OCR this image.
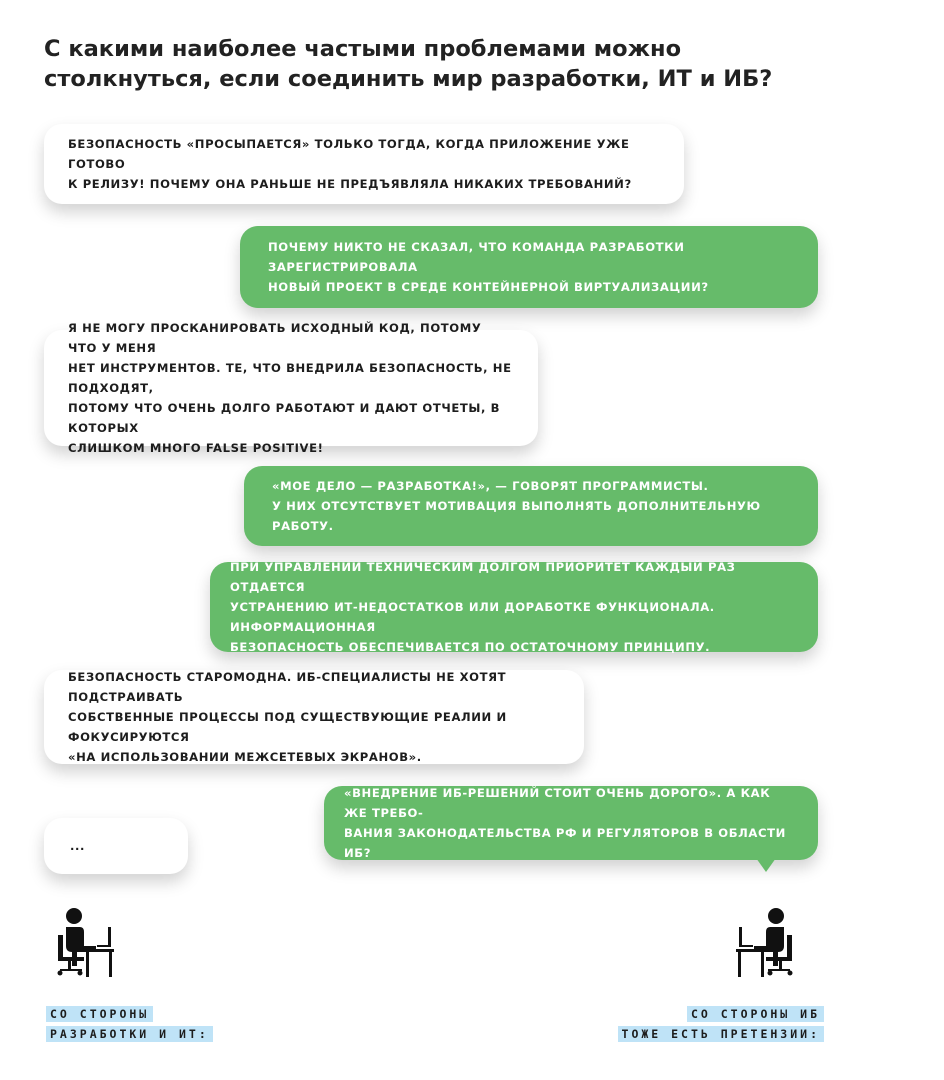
С какими наиболее частыми проблемами можно столкнуться, если соединить мир разработки, ИТ и ИБ?
БЕЗОПАСНОСТЬ «ПРОСЫПАЕТСЯ» ТОЛЬКО ТОГДА, КОГДА ПРИЛОЖЕНИЕ УЖЕ ГОТОВО
К РЕЛИЗУ! ПОЧЕМУ ОНА РАНЬШЕ НЕ ПРЕДЪЯВЛЯЛА НИКАКИХ ТРЕБОВАНИЙ?
ПОЧЕМУ НИКТО НЕ СКАЗАЛ, ЧТО КОМАНДА РАЗРАБОТКИ ЗАРЕГИСТРИРОВАЛА
НОВЫЙ ПРОЕКТ В СРЕДЕ КОНТЕЙНЕРНОЙ ВИРТУАЛИЗАЦИИ?
Я НЕ МОГУ ПРОСКАНИРОВАТЬ ИСХОДНЫЙ КОД, ПОТОМУ ЧТО У МЕНЯ
НЕТ ИНСТРУМЕНТОВ. ТЕ, ЧТО ВНЕДРИЛА БЕЗОПАСНОСТЬ, НЕ ПОДХОДЯТ,
ПОТОМУ ЧТО ОЧЕНЬ ДОЛГО РАБОТАЮТ И ДАЮТ ОТЧЕТЫ, В КОТОРЫХ
СЛИШКОМ МНОГО FALSE POSITIVE!
«МОЕ ДЕЛО — РАЗРАБОТКА!», — ГОВОРЯТ ПРОГРАММИСТЫ.
У НИХ ОТСУТСТВУЕТ МОТИВАЦИЯ ВЫПОЛНЯТЬ ДОПОЛНИТЕЛЬНУЮ РАБОТУ.
ПРИ УПРАВЛЕНИИ ТЕХНИЧЕСКИМ ДОЛГОМ ПРИОРИТЕТ КАЖДЫЙ РАЗ ОТДАЕТСЯ
УСТРАНЕНИЮ ИТ-НЕДОСТАТКОВ ИЛИ ДОРАБОТКЕ ФУНКЦИОНАЛА. ИНФОРМАЦИОННАЯ
БЕЗОПАСНОСТЬ ОБЕСПЕЧИВАЕТСЯ ПО ОСТАТОЧНОМУ ПРИНЦИПУ.
БЕЗОПАСНОСТЬ СТАРОМОДНА. ИБ-СПЕЦИАЛИСТЫ НЕ ХОТЯТ ПОДСТРАИВАТЬ
СОБСТВЕННЫЕ ПРОЦЕССЫ ПОД СУЩЕСТВУЮЩИЕ РЕАЛИИ И ФОКУСИРУЮТСЯ
«НА ИСПОЛЬЗОВАНИИ МЕЖСЕТЕВЫХ ЭКРАНОВ».
«ВНЕДРЕНИЕ ИБ-РЕШЕНИЙ СТОИТ ОЧЕНЬ ДОРОГО». А КАК ЖЕ ТРЕБО-
ВАНИЯ ЗАКОНОДАТЕЛЬСТВА РФ И РЕГУЛЯТОРОВ В ОБЛАСТИ ИБ?
...
СО СТОРОНЫ
РАЗРАБОТКИ И ИТ:
СО СТОРОНЫ ИБ
ТОЖЕ ЕСТЬ ПРЕТЕНЗИИ:
